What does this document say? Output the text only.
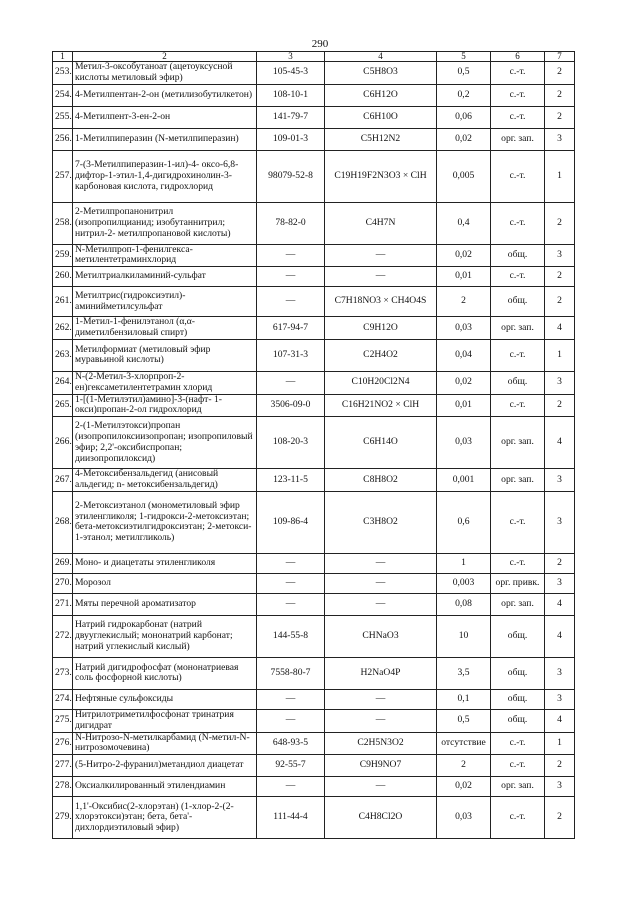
290
1	2	3	4	5	6	7
253.	Метил-3-оксобутаноат (ацетоуксусной кислоты метиловый эфир)	105-45-3	C5H8O3	0,5	с.-т.	2
254.	4-Метилпентан-2-он (метилизобутилкетон)	108-10-1	C6H12O	0,2	с.-т.	2
255.	4-Метилпент-3-ен-2-он	141-79-7	C6H10O	0,06	с.-т.	2
256.	1-Метилпиперазин (N-метилпиперазин)	109-01-3	C5H12N2	0,02	орг. зап.	3
257.	7-(3-Метилпиперазин-1-ил)-4- оксо-6,8-дифтор-1-этил-1,4-дигидрохинолин-3-карбоновая кислота, гидрохлорид	98079-52-8	C19H19F2N3O3 × ClH	0,005	с.-т.	1
258.	2-Метилпропанонитрил (изопропилцианид; изобутаннитрил; нитрил-2- метилпропановой кислоты)	78-82-0	C4H7N	0,4	с.-т.	2
259.	N-Метилпроп-1-фенилгекса-метилентетраминхлорид	—	—	0,02	общ.	3
260.	Метилтриалкиламиний-сульфат	—	—	0,01	с.-т.	2
261.	Метилтрис(гидроксиэтил)-аминийметилсульфат	—	C7H18NO3 × CH4O4S	2	общ.	2
262.	1-Метил-1-фенилэтанол (α,α-диметилбензиловый спирт)	617-94-7	C9H12O	0,03	орг. зап.	4
263.	Метилформиат (метиловый эфир муравьиной кислоты)	107-31-3	C2H4O2	0,04	с.-т.	1
264.	N-(2-Метил-3-хлорпроп-2-ен)гексаметилентетрамин хлорид	—	C10H20Cl2N4	0,02	общ.	3
265.	1-[(1-Метилэтил)амино]-3-(нафт- 1-окси)пропан-2-ол гидрохлорид	3506-09-0	C16H21NO2 × ClH	0,01	с.-т.	2
266.	2-(1-Метилэтокси)пропан (изопропилоксиизопропан; изопропиловый эфир; 2,2'-оксибиспропан; диизопропилоксид)	108-20-3	C6H14O	0,03	орг. зап.	4
267.	4-Метоксибензальдегид (анисовый альдегид; n- метоксибензальдегид)	123-11-5	C8H8O2	0,001	орг. зап.	3
268.	2-Метоксиэтанол (монометиловый эфир этиленгликоля; 1-гидрокси-2-метоксиэтан; бета-метоксиэтилгидроксиэтан; 2-метокси- 1-этанол; метилгликоль)	109-86-4	C3H8O2	0,6	с.-т.	3
269.	Моно- и диацетаты этиленгликоля	—	—	1	с.-т.	2
270.	Морозол	—	—	0,003	орг. привк.	3
271.	Мяты перечной ароматизатор	—	—	0,08	орг. зап.	4
272.	Натрий гидрокарбонат (натрий двууглекислый; мононатрий карбонат; натрий углекислый кислый)	144-55-8	CHNaO3	10	общ.	4
273.	Натрий дигидрофосфат (мононатриевая соль фосфорной кислоты)	7558-80-7	H2NaO4P	3,5	общ.	3
274.	Нефтяные сульфоксиды	—	—	0,1	общ.	3
275.	Нитрилотриметилфосфонат тринатрия дигидрат	—	—	0,5	общ.	4
276.	N-Нитрозо-N-метилкарбамид (N-метил-N-нитрозомочевина)	648-93-5	C2H5N3O2	отсутствие	с.-т.	1
277.	(5-Нитро-2-фуранил)метандиол диацетат	92-55-7	C9H9NO7	2	с.-т.	2
278.	Оксиалкилированный этилендиамин	—	—	0,02	орг. зап.	3
279.	1,1'-Оксибис(2-хлорэтан) (1-хлор-2-(2-хлорэтокси)этан; бета, бета'-дихлордиэтиловый эфир)	111-44-4	C4H8Cl2O	0,03	с.-т.	2
